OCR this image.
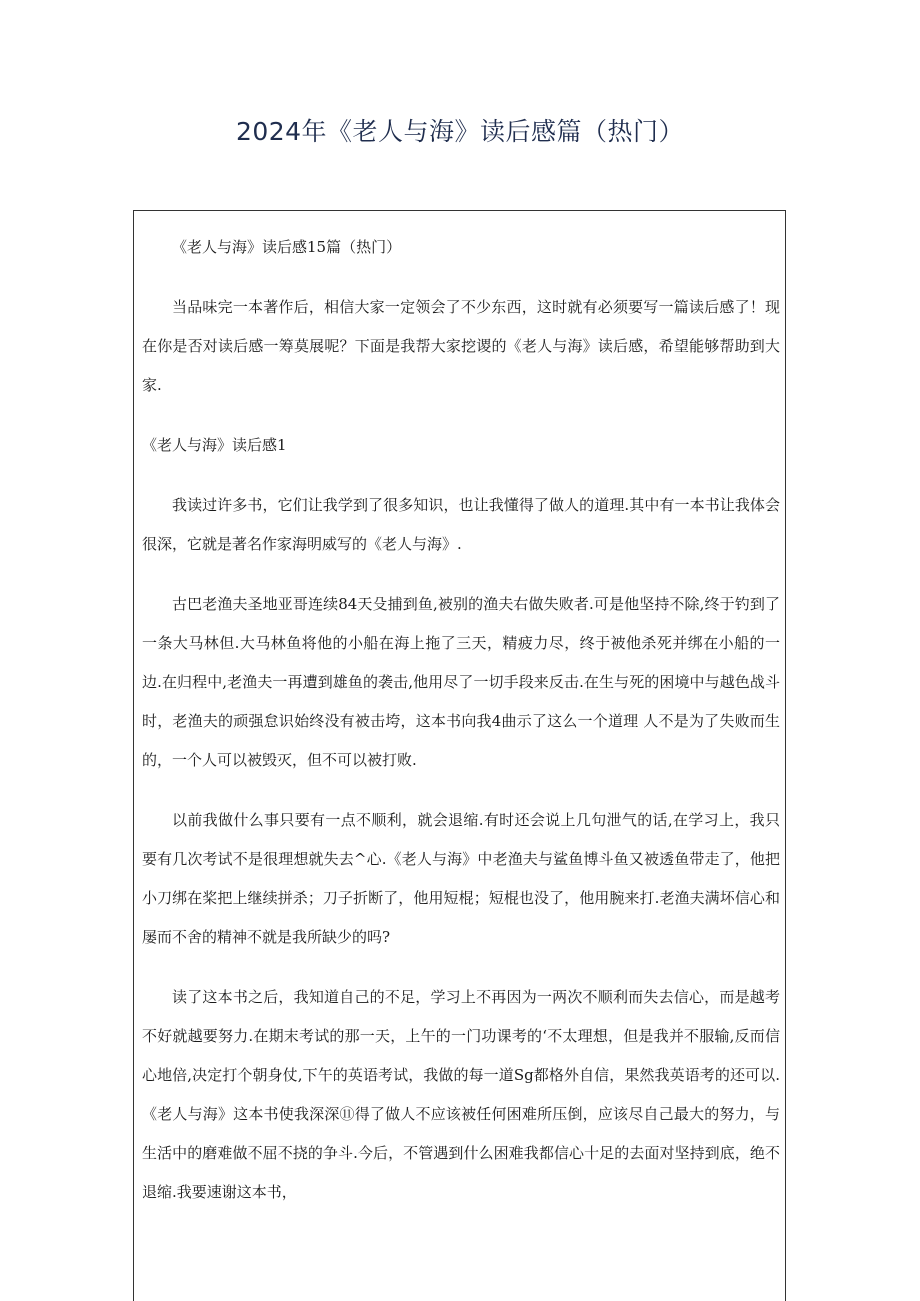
2024年《老人与海》读后感篇（热门）

《老人与海》读后感15篇（热门）

当品味完一本著作后，相信大家一定领会了不少东西，这时就有必须要写一篇读后感了！现在你是否对读后感一筹莫展呢？下面是我帮大家挖谡的《老人与海》读后感，希望能够帮助到大家.

《老人与海》读后感1

我读过许多书，它们让我学到了很多知识，也让我懂得了做人的道理.其中有一本书让我体会很深，它就是著名作家海明威写的《老人与海》.

古巴老渔夫圣地亚哥连续84天殳捕到鱼,被别的渔夫右做失败者.可是他坚持不除,终于钓到了一条大马林但.大马林鱼将他的小船在海上拖了三天，精疲力尽，终于被他杀死并绑在小船的一边.在归程中,老渔夫一再遭到雄鱼的袭击,他用尽了一切手段来反击.在生与死的困境中与越色战斗时，老渔夫的顽强怠识始终没有被击垮，这本书向我4曲示了这么一个道理 人不是为了失败而生的，一个人可以被毁灭，但不可以被打败.

以前我做什么事只要有一点不顺利，就会退缩.有时还会说上几句泄气的话,在学习上，我只要有几次考试不是很理想就失去^心.《老人与海》中老渔夫与鲨鱼博斗鱼又被透鱼带走了，他把小刀绑在桨把上继续拼杀；刀子折断了，他用短棍；短棍也没了，他用腕来打.老渔夫满坏信心和屡而不舍的精神不就是我所缺少的吗?

读了这本书之后，我知道自己的不足，学习上不再因为一两次不顺利而失去信心，而是越考不好就越要努力.在期末考试的那一天，上午的一门功课考的‘不太理想，但是我并不服输,反而信心地倍,决定打个朝身仗,下午的英语考试，我做的每一道Sg都格外自信，果然我英语考的还可以.《老人与海》这本书使我深深⑪得了做人不应该被任何困难所压倒，应该尽自己最大的努力，与生活中的磨难做不屈不挠的争斗.今后，不管遇到什么困难我都信心十足的去面对坚持到底，绝不退缩.我要速谢这本书，
